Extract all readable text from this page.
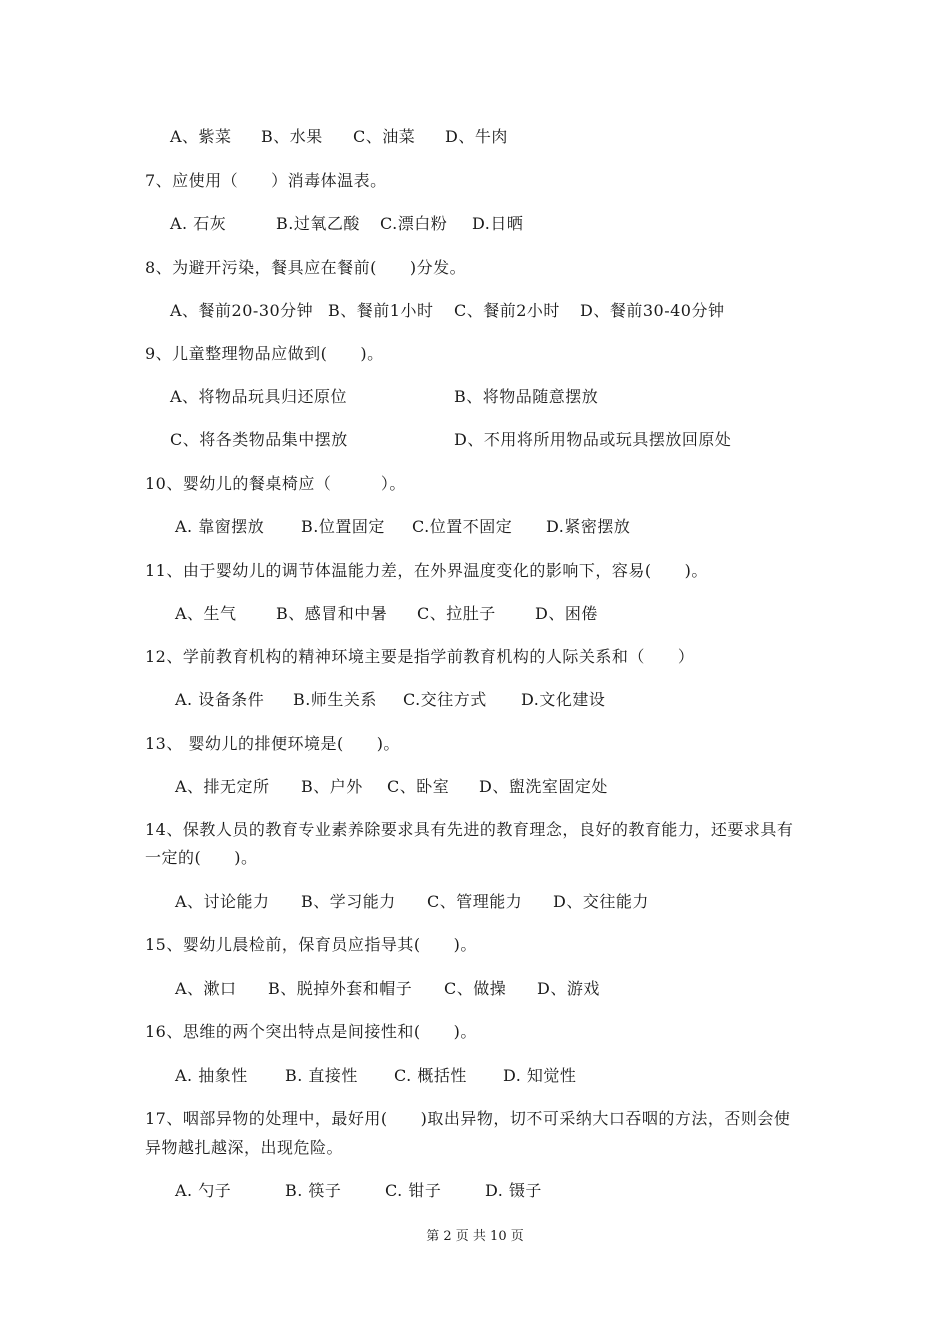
A、紫菜 B、水果 C、油菜 D、牛肉
7、应使用（　　）消毒体温表。
A. 石灰	B.过氧乙酸 C.漂白粉 D.日晒
8、为避开污染，餐具应在餐前(　　)分发。
A、餐前20-30分钟 B、餐前1小时 C、餐前2小时 D、餐前30-40分钟
9、儿童整理物品应做到(　　)。
A、将物品玩具归还原位	B、将物品随意摆放
C、将各类物品集中摆放	D、不用将所用物品或玩具摆放回原处
10、婴幼儿的餐桌椅应（　　　）。
A. 靠窗摆放 B.位置固定 C.位置不固定 D.紧密摆放
11、由于婴幼儿的调节体温能力差，在外界温度变化的影响下，容易(　　)。
A、生气 B、感冒和中暑 C、拉肚子 D、困倦
12、学前教育机构的精神环境主要是指学前教育机构的人际关系和（　　）
A. 设备条件 B.师生关系 C.交往方式 D.文化建设
13、 婴幼儿的排便环境是(　　)。
A、排无定所 B、户外 C、卧室 D、盥洗室固定处
14、保教人员的教育专业素养除要求具有先进的教育理念，良好的教育能力，还要求具有
一定的(　　)。
A、讨论能力 B、学习能力 C、管理能力 D、交往能力
15、婴幼儿晨检前，保育员应指导其(　　)。
A、漱口 B、脱掉外套和帽子 C、做操 D、游戏
16、思维的两个突出特点是间接性和(　　)。
A. 抽象性 B. 直接性 C. 概括性 D. 知觉性
17、咽部异物的处理中，最好用(　　)取出异物，切不可采纳大口吞咽的方法，否则会使
异物越扎越深，出现危险。
A. 勺子	B. 筷子	C. 钳子	D. 镊子
第 2 页 共 10 页
